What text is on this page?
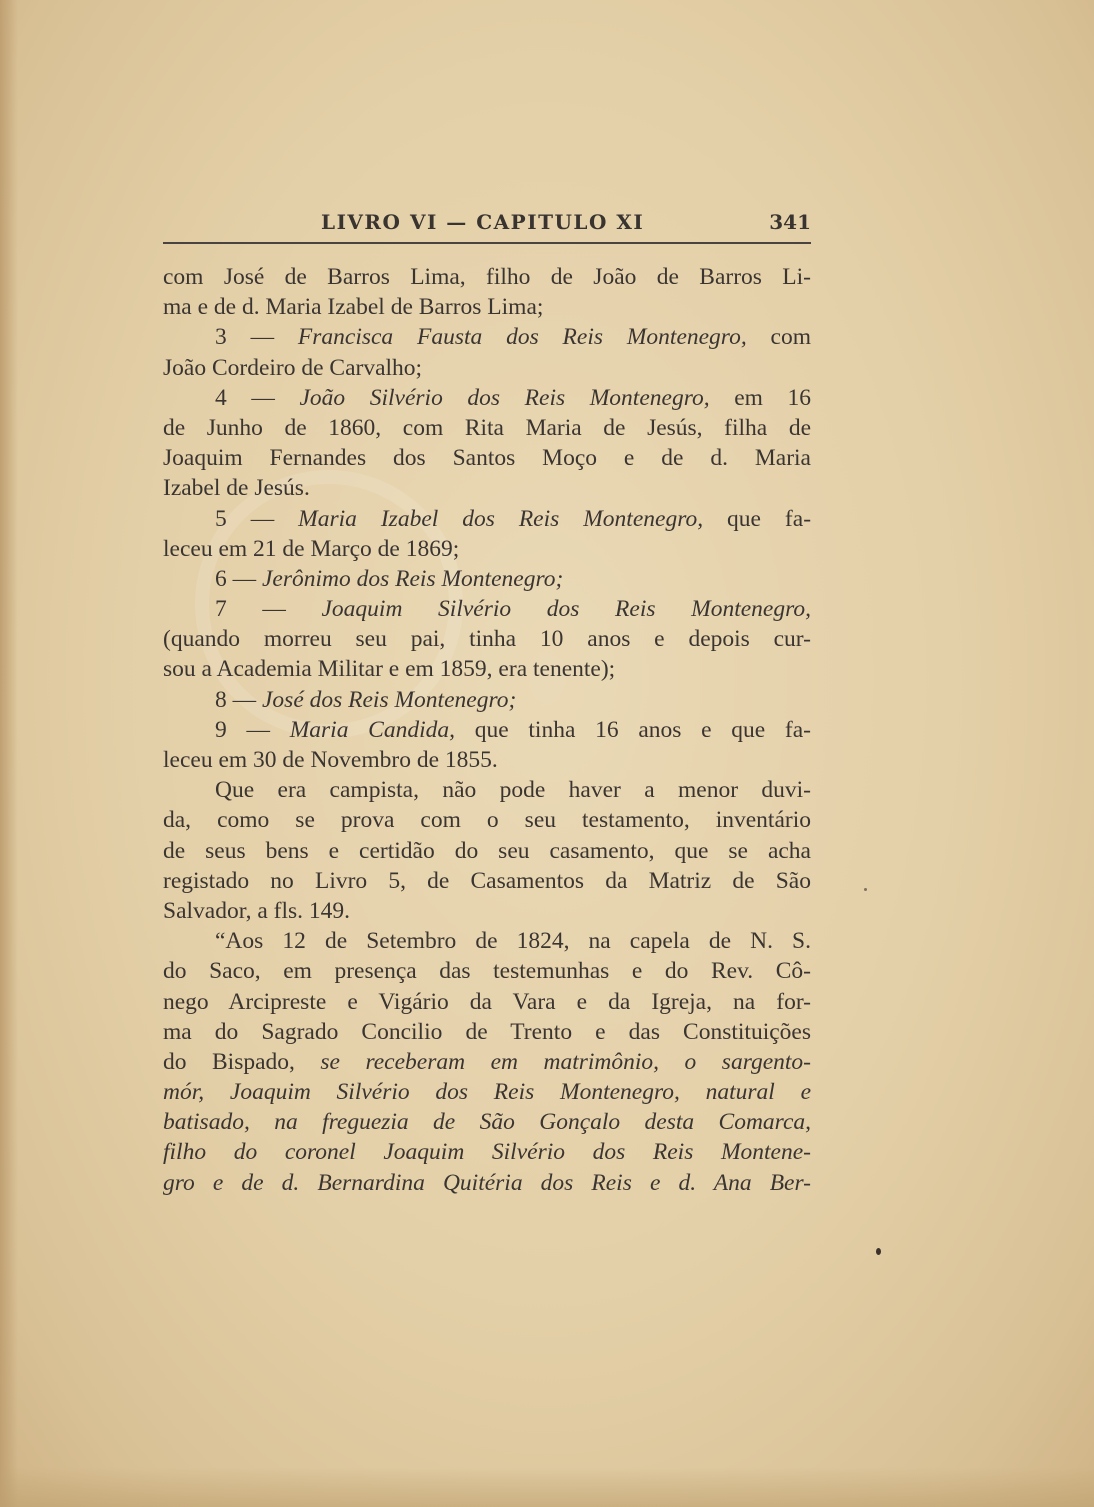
LIVRO VI — CAPITULO XI	341
com José de Barros Lima, filho de João de Barros Li-
ma e de d. Maria Izabel de Barros Lima;
3 — Francisca Fausta dos Reis Montenegro, com
João Cordeiro de Carvalho;
4 — João Silvério dos Reis Montenegro, em 16
de Junho de 1860, com Rita Maria de Jesús, filha de
Joaquim Fernandes dos Santos Moço e de d. Maria
Izabel de Jesús.
5 — Maria Izabel dos Reis Montenegro, que fa-
leceu em 21 de Março de 1869;
6 — Jerônimo dos Reis Montenegro;
7 — Joaquim Silvério dos Reis Montenegro,
(quando morreu seu pai, tinha 10 anos e depois cur-
sou a Academia Militar e em 1859, era tenente);
8 — José dos Reis Montenegro;
9 — Maria Candida, que tinha 16 anos e que fa-
leceu em 30 de Novembro de 1855.
Que era campista, não pode haver a menor duvi-
da, como se prova com o seu testamento, inventário
de seus bens e certidão do seu casamento, que se acha
registado no Livro 5, de Casamentos da Matriz de São
Salvador, a fls. 149.
“Aos 12 de Setembro de 1824, na capela de N. S.
do Saco, em presença das testemunhas e do Rev. Cô-
nego Arcipreste e Vigário da Vara e da Igreja, na for-
ma do Sagrado Concilio de Trento e das Constituições
do Bispado, se receberam em matrimônio, o sargento-
mór, Joaquim Silvério dos Reis Montenegro, natural e
batisado, na freguezia de São Gonçalo desta Comarca,
filho do coronel Joaquim Silvério dos Reis Montene-
gro e de d. Bernardina Quitéria dos Reis e d. Ana Ber-
